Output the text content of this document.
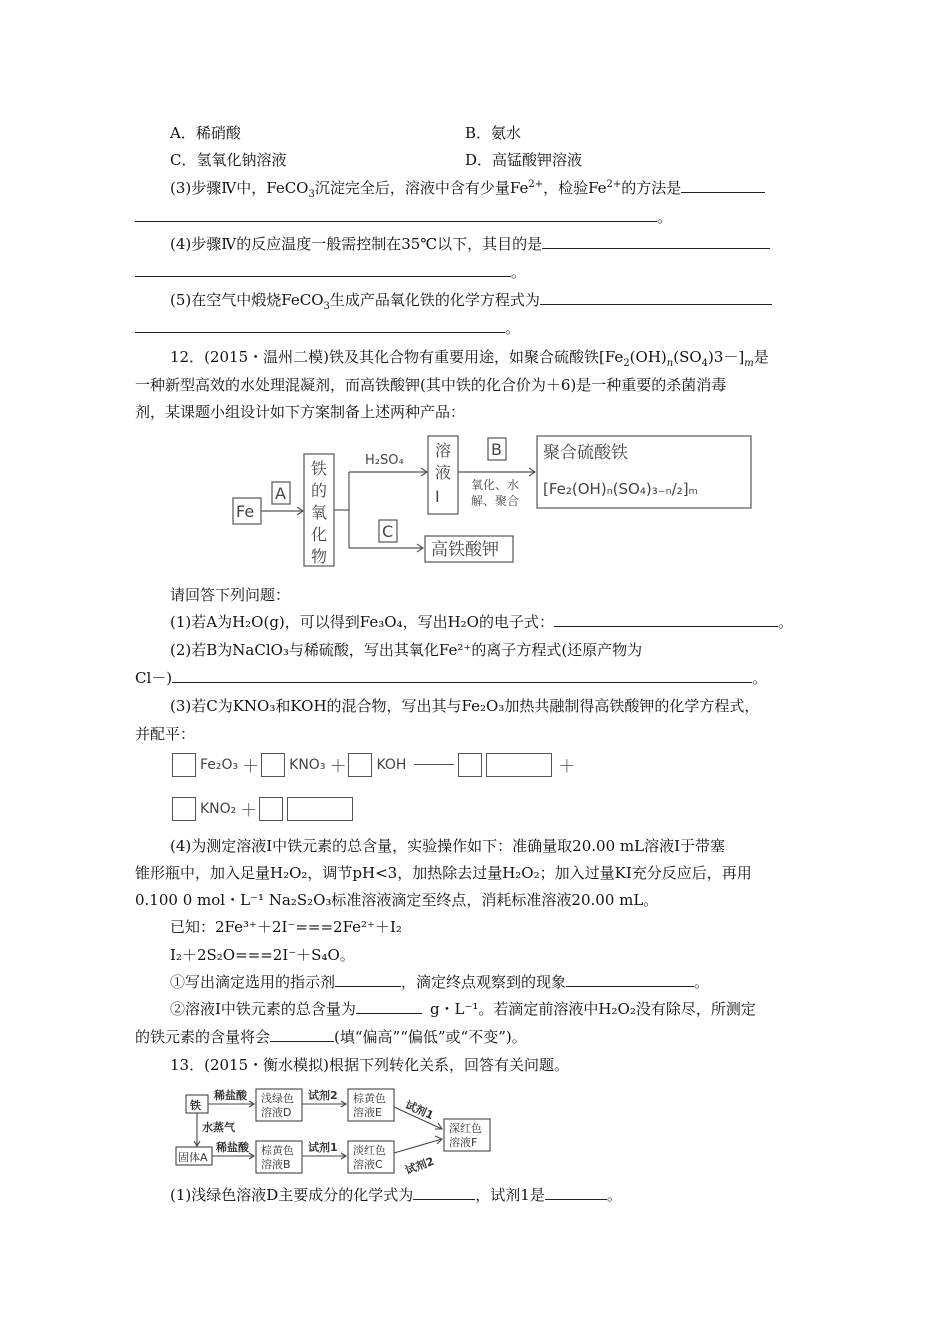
A．稀硝酸	B．氨水
C．氢氧化钠溶液	D．高锰酸钾溶液
(3)步骤Ⅳ中，FeCO$_3$沉淀完全后，溶液中含有少量$Fe^{2+}$，检验$Fe^{2+}$的方法是
。
(4)步骤Ⅳ的反应温度一般需控制在35℃以下，其目的是
。
(5)在空气中煅烧FeCO$_3$生成产品氧化铁的化学方程式为
。
12．(2015・温州二模)铁及其化合物有重要用途，如聚合硫酸铁$[Fe_2(OH)_n(SO_4)3-]_m$是
一种新型高效的水处理混凝剂，而高铁酸钾(其中铁的化合价为＋6)是一种重要的杀菌消毒
剂，某课题小组设计如下方案制备上述两种产品：
Fe
A
铁
的
氧
化
物
H₂SO₄
溶
液
Ⅰ
B
氧化、水
解、聚合
聚合硫酸铁
[Fe₂(OH)ₙ(SO₄)₃₋ₙ/₂]ₘ
C
高铁酸钾
请回答下列问题：
(1)若A为H₂O(g)，可以得到Fe₃O₄，写出H₂O的电子式：	。
(2)若B为NaClO₃与稀硫酸，写出其氧化Fe²⁺的离子方程式(还原产物为
Cl－)	。
(3)若C为KNO₃和KOH的混合物，写出其与Fe₂O₃加热共融制得高铁酸钾的化学方程式，
并配平：
Fe₂O₃ ＋ KNO₃ ＋ KOH	＋
KNO₂ ＋
(4)为测定溶液Ⅰ中铁元素的总含量，实验操作如下：准确量取20.00 mL溶液Ⅰ于带塞
锥形瓶中，加入足量H₂O₂，调节pH<3，加热除去过量H₂O₂；加入过量KI充分反应后，再用
0.100 0 mol・L⁻¹ Na₂S₂O₃标准溶液滴定至终点，消耗标准溶液20.00 mL。
已知：2Fe³⁺＋2I⁻===2Fe²⁺＋I₂
I₂＋2S₂O===2I⁻＋S₄O。
①写出滴定选用的指示剂	，滴定终点观察到的现象	。
②溶液Ⅰ中铁元素的总含量为	g・L⁻¹。若滴定前溶液中H₂O₂没有除尽，所测定
的铁元素的含量将会	(填“偏高”“偏低”或“不变”)。
13．(2015・衡水模拟)根据下列转化关系，回答有关问题。
铁
稀盐酸 浅绿色
溶液D
试剂2 棕黄色
溶液E 试剂1
深红色
溶液F
水蒸气
固体A
稀盐酸 棕黄色
溶液B
试剂1 淡红色
溶液C 试剂2
(1)浅绿色溶液D主要成分的化学式为	，试剂1是	。
